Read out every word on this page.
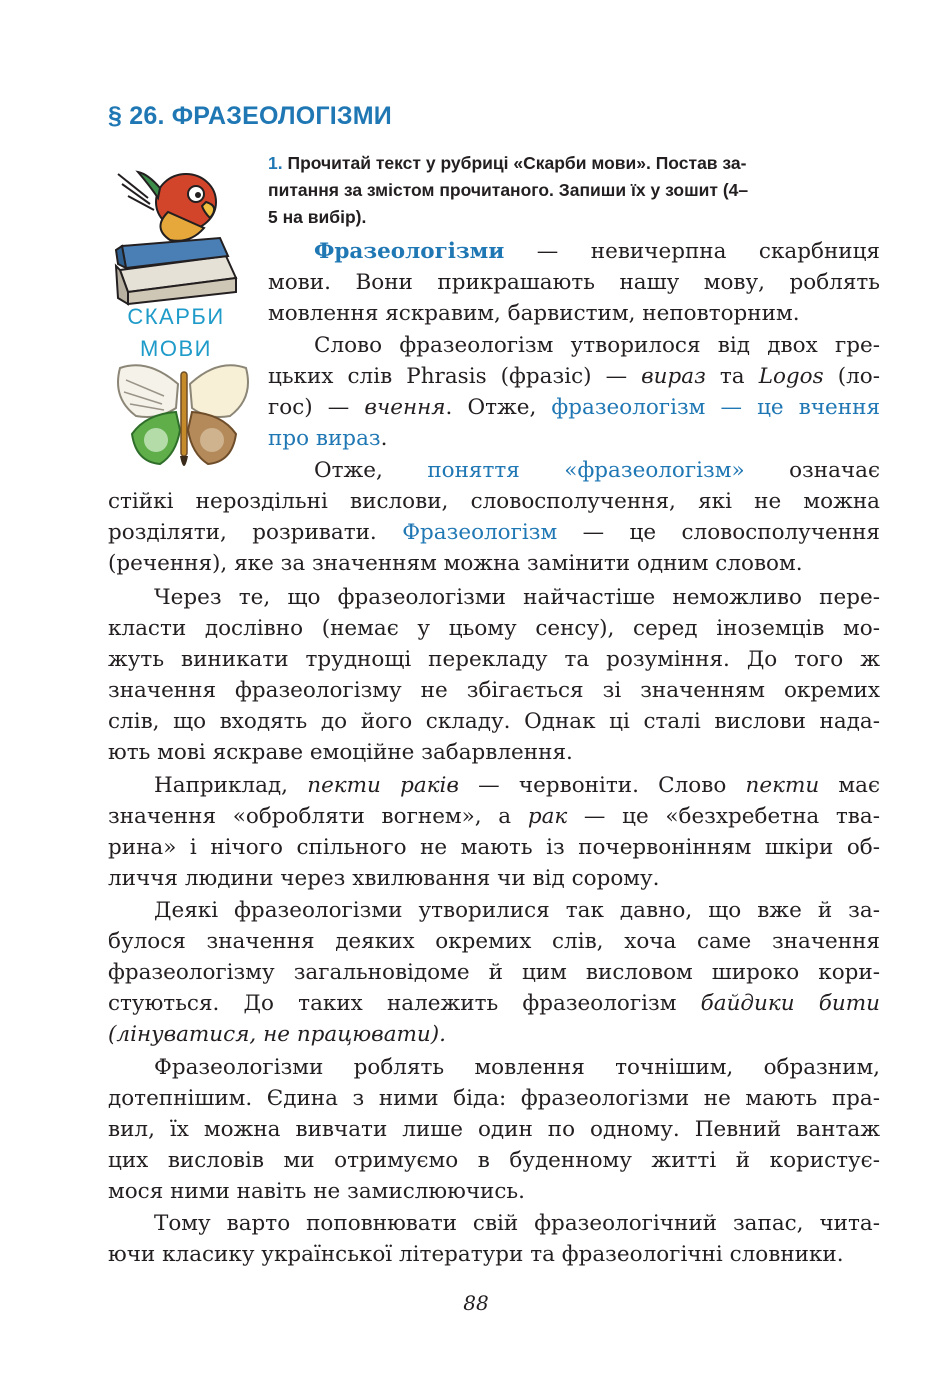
§ 26. ФРАЗЕОЛОГІЗМИ
1. Прочитай текст у рубриці «Скарби мови». Постав за-
питання за змістом прочитаного. Запиши їх у зошит (4–
5 на вибір).
СКАРБИ
МОВИ
Фразеологізми — невичерпна скарбниця
мови. Вони прикрашають нашу мову, роблять
мовлення яскравим, барвистим, неповторним.
Слово фразеологізм утворилося від двох гре-
цьких слів Phrasis (фразіс) — вираз та Logos (ло-
гос) — вчення. Отже, фразеологізм — це вчення
про вираз.
Отже, поняття «фразеологізм» означає
стійкі нероздільні вислови, словосполучення, які не можна
розділяти, розривати. Фразеологізм — це словосполучення
(речення), яке за значенням можна замінити одним словом.
Через те, що фразеологізми найчастіше неможливо пере-
класти дослівно (немає у цьому сенсу), серед іноземців мо-
жуть виникати труднощі перекладу та розуміння. До того ж
значення фразеологізму не збігається зі значенням окремих
слів, що входять до його складу. Однак ці сталі вислови нада-
ють мові яскраве емоційне забарвлення.
Наприклад, пекти раків — червоніти. Слово пекти має
значення «обробляти вогнем», а рак — це «безхребетна тва-
рина» і нічого спільного не мають із почервонінням шкіри об-
личчя людини через хвилювання чи від сорому.
Деякі фразеологізми утворилися так давно, що вже й за-
булося значення деяких окремих слів, хоча саме значення
фразеологізму загальновідоме й цим висловом широко кори-
стуються. До таких належить фразеологізм байдики бити
(лінуватися, не працювати).
Фразеологізми роблять мовлення точнішим, образним,
дотепнішим. Єдина з ними біда: фразеологізми не мають пра-
вил, їх можна вивчати лише один по одному. Певний вантаж
цих висловів ми отримуємо в буденному житті й користує-
мося ними навіть не замислюючись.
Тому варто поповнювати свій фразеологічний запас, чита-
ючи класику української літератури та фразеологічні словники.
88
